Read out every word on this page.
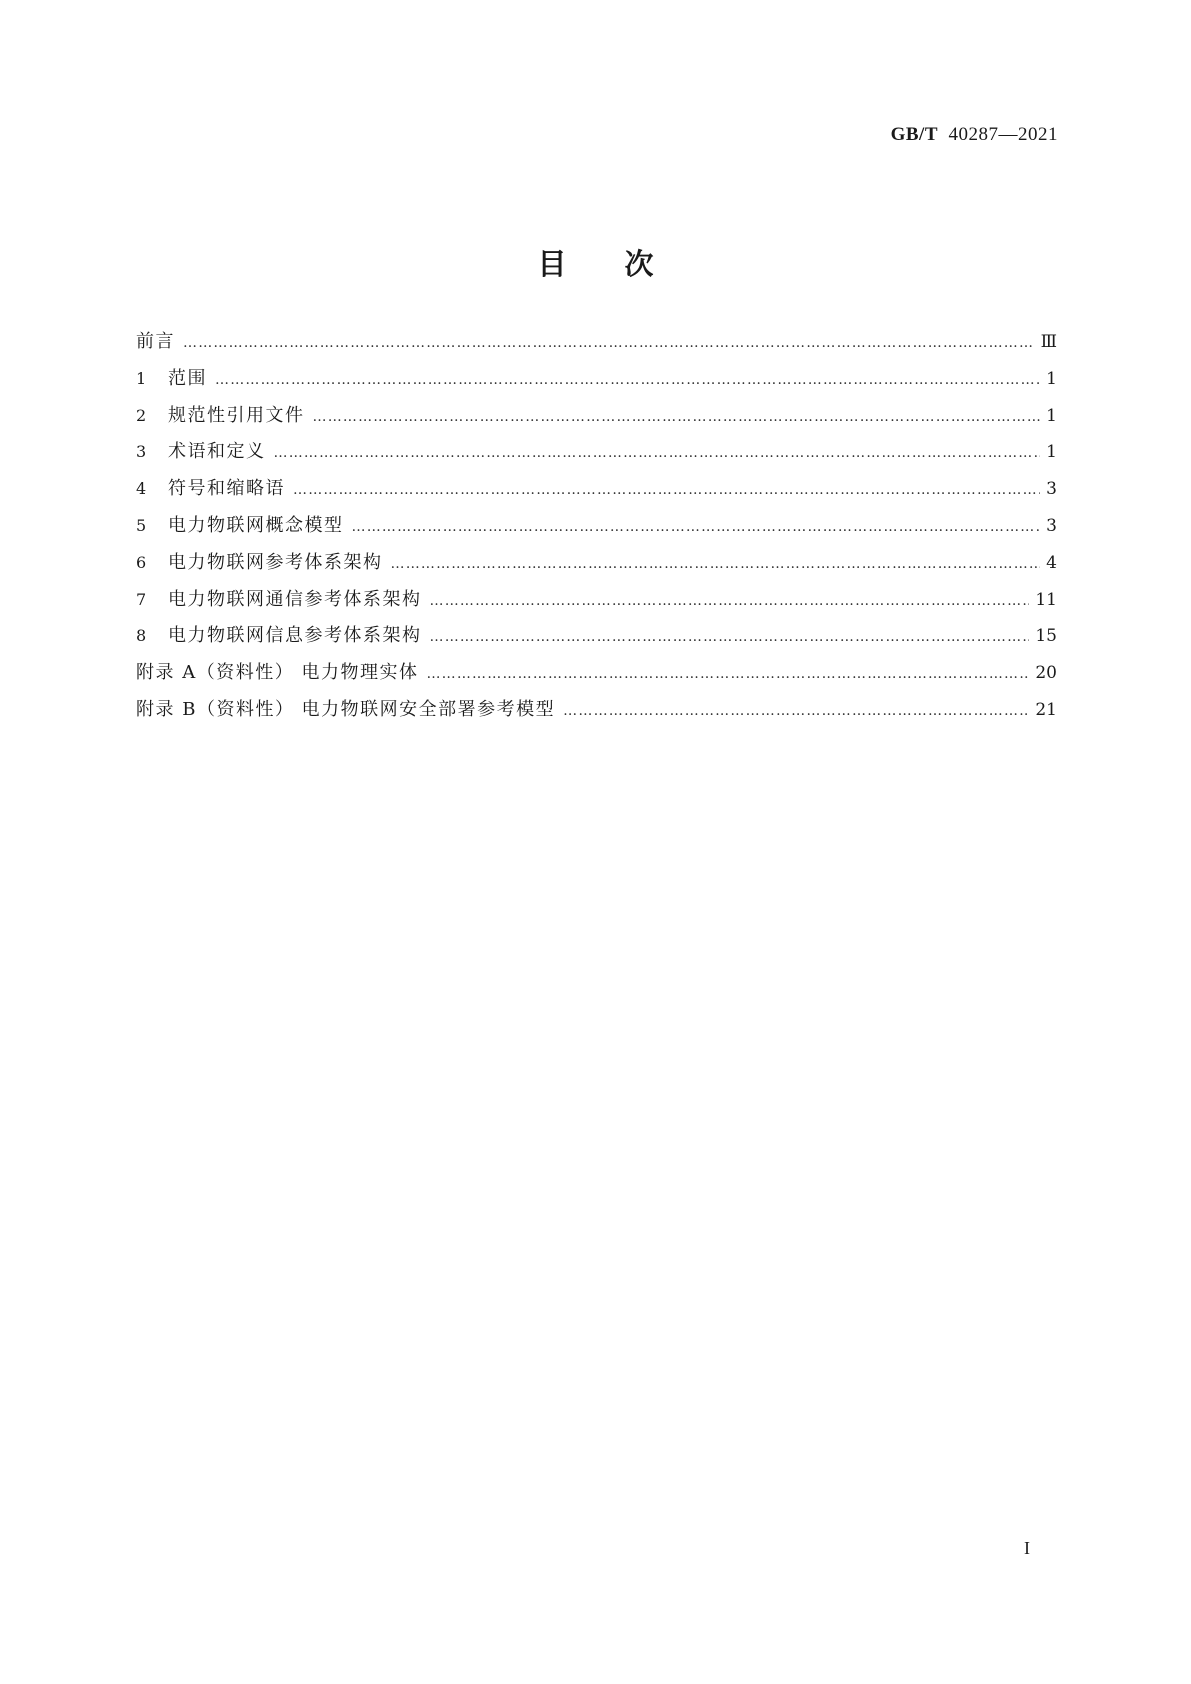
GB/T 40287—2021
目次
前言 …………………………………………………………………………………………………………………………………………………………………………………	Ⅲ
1	范围 …………………………………………………………………………………………………………………………………………………………………………………	1
2	规范性引用文件 …………………………………………………………………………………………………………………………………………………………………………………	1
3	术语和定义 …………………………………………………………………………………………………………………………………………………………………………………	1
4	符号和缩略语 …………………………………………………………………………………………………………………………………………………………………………………	3
5	电力物联网概念模型 …………………………………………………………………………………………………………………………………………………………………………………	3
6	电力物联网参考体系架构 …………………………………………………………………………………………………………………………………………………………………………………	4
7	电力物联网通信参考体系架构 …………………………………………………………………………………………………………………………………………………………………………………	11
8	电力物联网信息参考体系架构 …………………………………………………………………………………………………………………………………………………………………………………	15
附录 A（资料性） 电力物理实体 …………………………………………………………………………………………………………………………………………………………………………………	20
附录 B（资料性） 电力物联网安全部署参考模型 …………………………………………………………………………………………………………………………………………………………………………………	21
I
